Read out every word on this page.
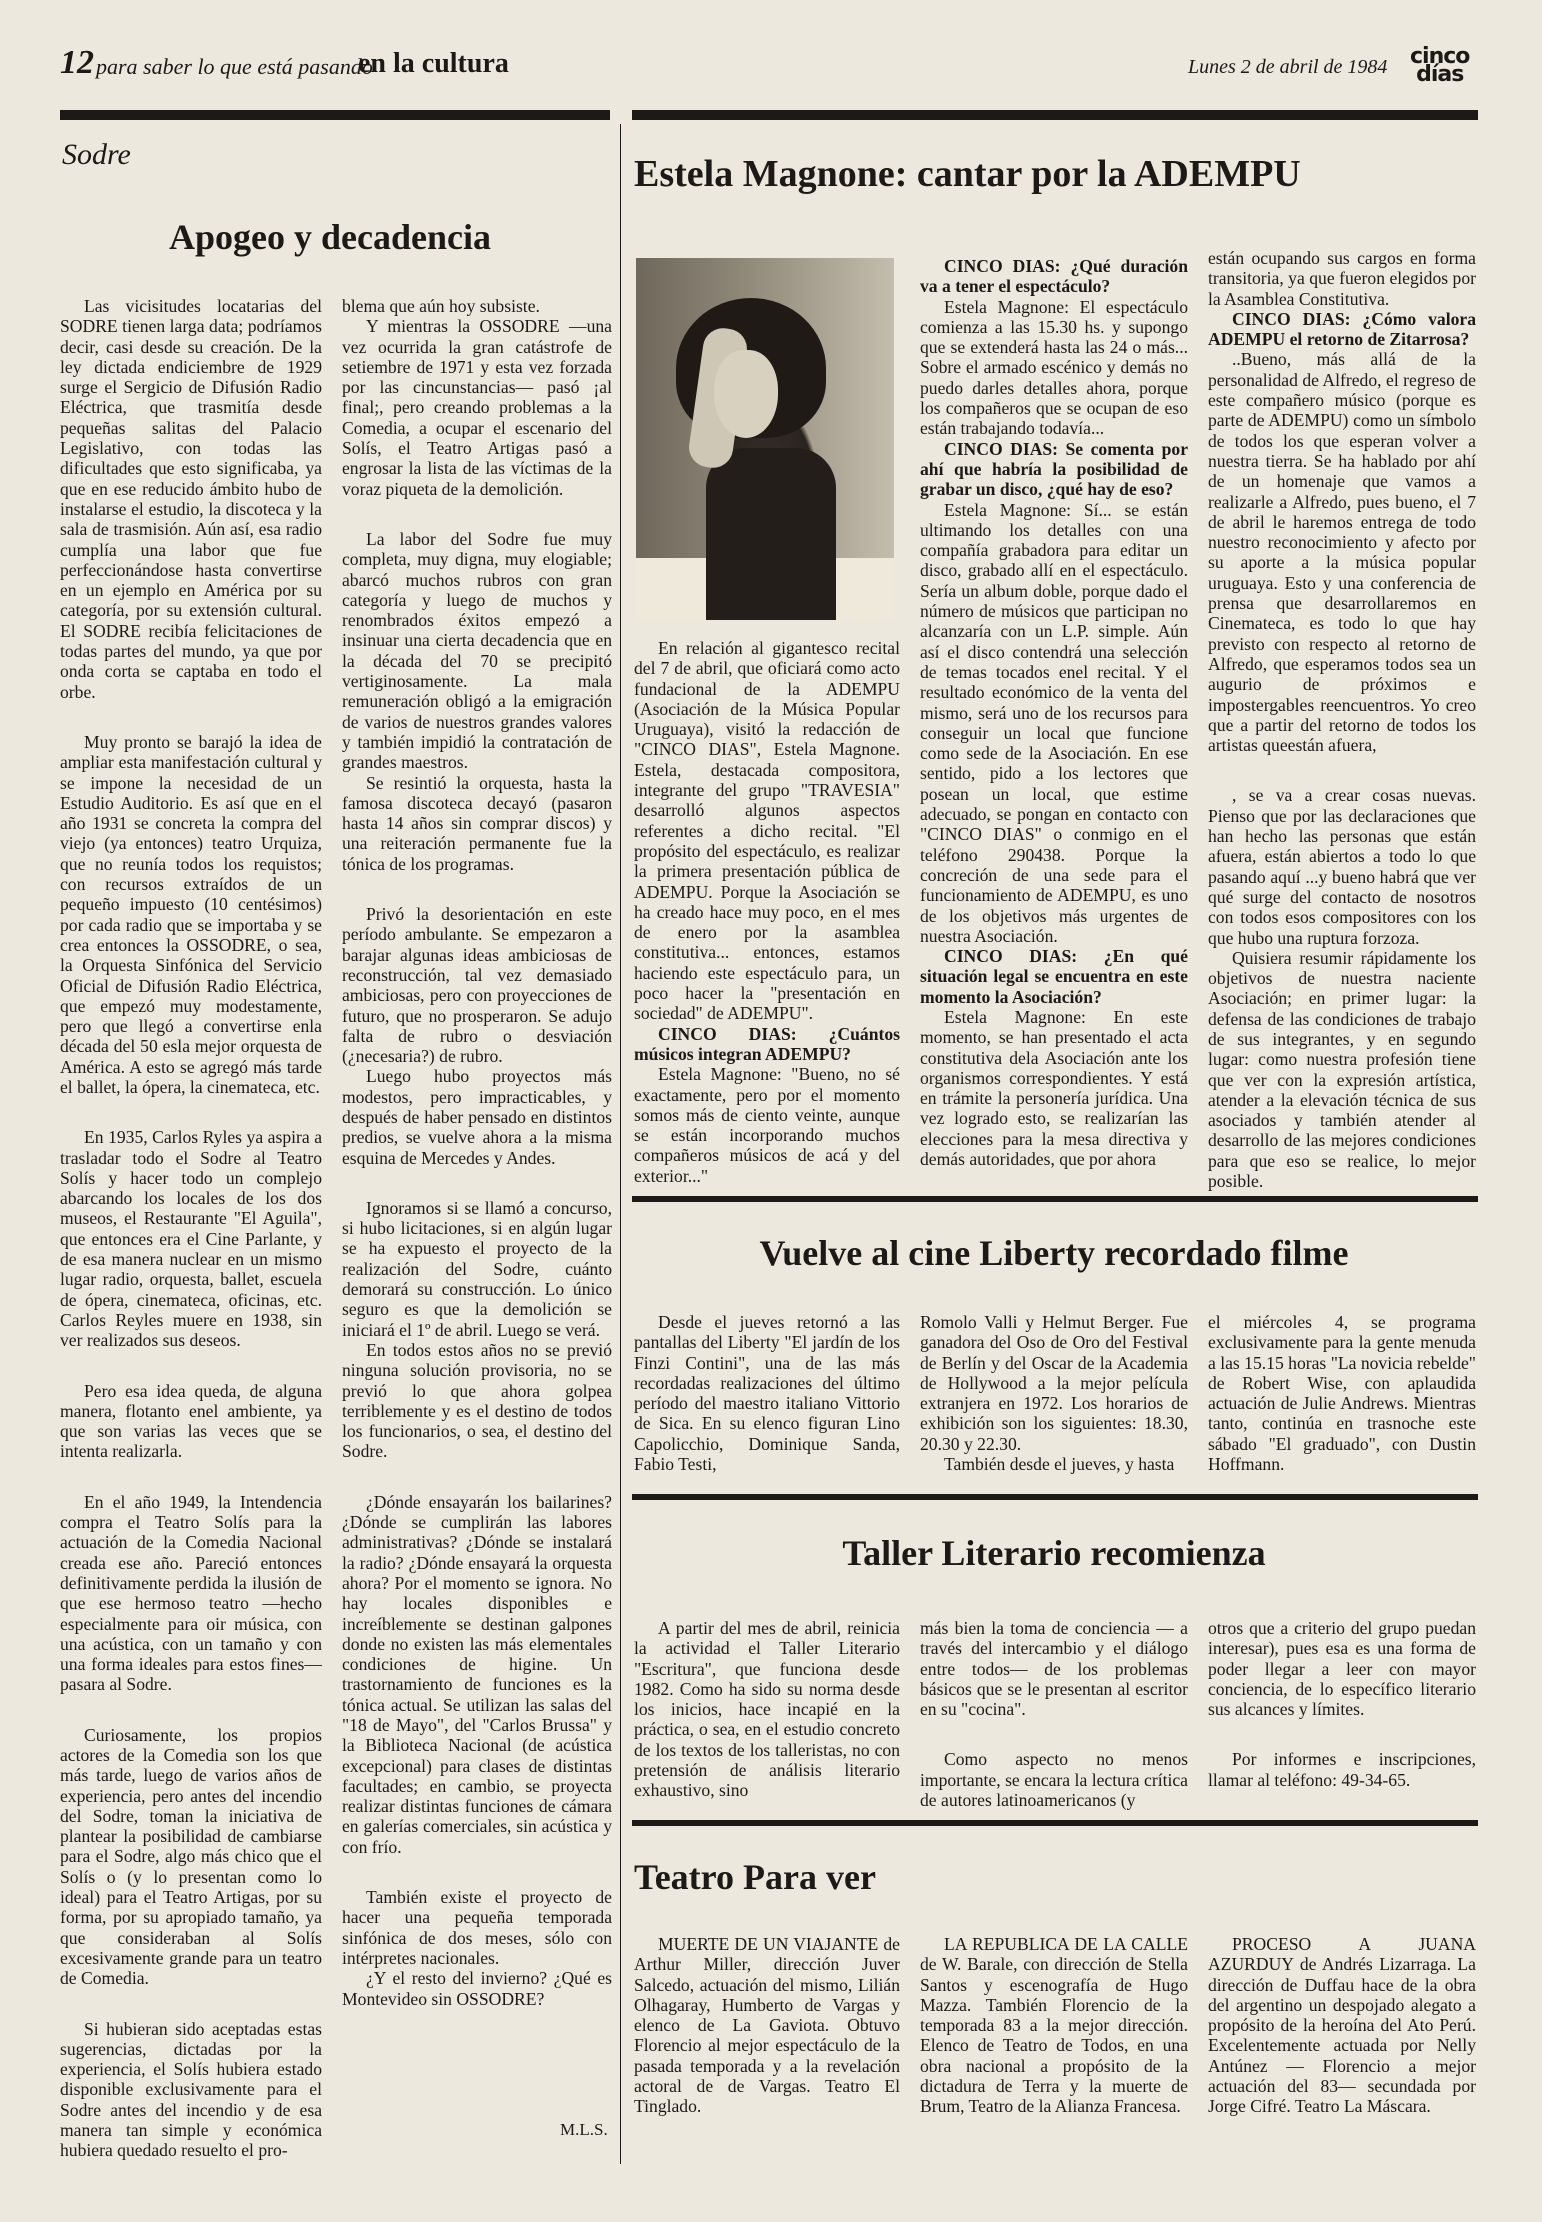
12 para saber lo que está pasando
en la cultura	Lunes 2 de abril de 1984 cinco
días
Sodre
Apogeo y decadencia

Las vicisitudes locatarias del SODRE tienen larga data; podríamos decir, casi desde su creación. De la ley dictada endiciembre de 1929 surge el Sergicio de Difusión Radio Eléctrica, que trasmitía desde pequeñas salitas del Palacio Legislativo, con todas las dificultades que esto significaba, ya que en ese reducido ámbito hubo de instalarse el estudio, la discoteca y la sala de trasmisión. Aún así, esa radio cumplía una labor que fue perfeccionándose hasta convertirse en un ejemplo en América por su categoría, por su extensión cultural. El SODRE recibía felicitaciones de todas partes del mundo, ya que por onda corta se captaba en todo el orbe.

Muy pronto se barajó la idea de ampliar esta manifestación cultural y se impone la necesidad de un Estudio Auditorio. Es así que en el año 1931 se concreta la compra del viejo (ya entonces) teatro Urquiza, que no reunía todos los requistos; con recursos extraídos de un pequeño impuesto (10 centésimos) por cada radio que se importaba y se crea entonces la OSSODRE, o sea, la Orquesta Sinfónica del Servicio Oficial de Difusión Radio Eléctrica, que empezó muy modestamente, pero que llegó a convertirse enla década del 50 esla mejor orquesta de América. A esto se agregó más tarde el ballet, la ópera, la cinemateca, etc.

En 1935, Carlos Ryles ya aspira a trasladar todo el Sodre al Teatro Solís y hacer todo un complejo abarcando los locales de los dos museos, el Restaurante "El Aguila", que entonces era el Cine Parlante, y de esa manera nuclear en un mismo lugar radio, orquesta, ballet, escuela de ópera, cinemateca, oficinas, etc. Carlos Reyles muere en 1938, sin ver realizados sus deseos.

Pero esa idea queda, de alguna manera, flotanto enel ambiente, ya que son varias las veces que se intenta realizarla.

En el año 1949, la Intendencia compra el Teatro Solís para la actuación de la Comedia Nacional creada ese año. Pareció entonces definitivamente perdida la ilusión de que ese hermoso teatro —hecho especialmente para oir música, con una acústica, con un tamaño y con una forma ideales para estos fines— pasara al Sodre.

Curiosamente, los propios actores de la Comedia son los que más tarde, luego de varios años de experiencia, pero antes del incendio del Sodre, toman la iniciativa de plantear la posibilidad de cambiarse para el Sodre, algo más chico que el Solís o (y lo presentan como lo ideal) para el Teatro Artigas, por su forma, por su apropiado tamaño, ya que consideraban al Solís excesivamente grande para un teatro de Comedia.

Si hubieran sido aceptadas estas sugerencias, dictadas por la experiencia, el Solís hubiera estado disponible exclusivamente para el Sodre antes del incendio y de esa manera tan simple y económica hubiera quedado resuelto el pro-

blema que aún hoy subsiste.

Y mientras la OSSODRE —una vez ocurrida la gran catástrofe de setiembre de 1971 y esta vez forzada por las cincunstancias— pasó ¡al final;, pero creando problemas a la Comedia, a ocupar el escenario del Solís, el Teatro Artigas pasó a engrosar la lista de las víctimas de la voraz piqueta de la demolición.

La labor del Sodre fue muy completa, muy digna, muy elogiable; abarcó muchos rubros con gran categoría y luego de muchos y renombrados éxitos empezó a insinuar una cierta decadencia que en la década del 70 se precipitó vertiginosamente. La mala remuneración obligó a la emigración de varios de nuestros grandes valores y también impidió la contratación de grandes maestros.

Se resintió la orquesta, hasta la famosa discoteca decayó (pasaron hasta 14 años sin comprar discos) y una reiteración permanente fue la tónica de los programas.

Privó la desorientación en este período ambulante. Se empezaron a barajar algunas ideas ambiciosas de reconstrucción, tal vez demasiado ambiciosas, pero con proyecciones de futuro, que no prosperaron. Se adujo falta de rubro o desviación (¿necesaria?) de rubro.

Luego hubo proyectos más modestos, pero impracticables, y después de haber pensado en distintos predios, se vuelve ahora a la misma esquina de Mercedes y Andes.

Ignoramos si se llamó a concurso, si hubo licitaciones, si en algún lugar se ha expuesto el proyecto de la realización del Sodre, cuánto demorará su construcción. Lo único seguro es que la demolición se iniciará el 1º de abril. Luego se verá.

En todos estos años no se previó ninguna solución provisoria, no se previó lo que ahora golpea terriblemente y es el destino de todos los funcionarios, o sea, el destino del Sodre.

¿Dónde ensayarán los bailarines? ¿Dónde se cumplirán las labores administrativas? ¿Dónde se instalará la radio? ¿Dónde ensayará la orquesta ahora? Por el momento se ignora. No hay locales disponibles e increíblemente se destinan galpones donde no existen las más elementales condiciones de higine. Un trastornamiento de funciones es la tónica actual. Se utilizan las salas del "18 de Mayo", del "Carlos Brussa" y la Biblioteca Nacional (de acústica excepcional) para clases de distintas facultades; en cambio, se proyecta realizar distintas funciones de cámara en galerías comerciales, sin acústica y con frío.

También existe el proyecto de hacer una pequeña temporada sinfónica de dos meses, sólo con intérpretes nacionales.

¿Y el resto del invierno? ¿Qué es Montevideo sin OSSODRE?

M.L.S.
Estela Magnone: cantar por la ADEMPU

En relación al gigantesco recital del 7 de abril, que oficiará como acto fundacional de la ADEMPU (Asociación de la Música Popular Uruguaya), visitó la redacción de "CINCO DIAS", Estela Magnone. Estela, destacada compositora, integrante del grupo "TRAVESIA" desarrolló algunos aspectos referentes a dicho recital. "El propósito del espectáculo, es realizar la primera presentación pública de ADEMPU. Porque la Asociación se ha creado hace muy poco, en el mes de enero por la asamblea constitutiva... entonces, estamos haciendo este espectáculo para, un poco hacer la "presentación en sociedad" de ADEMPU".

CINCO DIAS: ¿Cuántos músicos integran ADEMPU?

Estela Magnone: "Bueno, no sé exactamente, pero por el momento somos más de ciento veinte, aunque se están incorporando muchos compañeros músicos de acá y del exterior..."

CINCO DIAS: ¿Qué duración va a tener el espectáculo?

Estela Magnone: El espectáculo comienza a las 15.30 hs. y supongo que se extenderá hasta las 24 o más... Sobre el armado escénico y demás no puedo darles detalles ahora, porque los compañeros que se ocupan de eso están trabajando todavía...

CINCO DIAS: Se comenta por ahí que habría la posibilidad de grabar un disco, ¿qué hay de eso?

Estela Magnone: Sí... se están ultimando los detalles con una compañía grabadora para editar un disco, grabado allí en el espectáculo. Sería un album doble, porque dado el número de músicos que participan no alcanzaría con un L.P. simple. Aún así el disco contendrá una selección de temas tocados enel recital. Y el resultado económico de la venta del mismo, será uno de los recursos para conseguir un local que funcione como sede de la Asociación. En ese sentido, pido a los lectores que posean un local, que estime adecuado, se pongan en contacto con "CINCO DIAS" o conmigo en el teléfono 290438. Porque la concreción de una sede para el funcionamiento de ADEMPU, es uno de los objetivos más urgentes de nuestra Asociación.

CINCO DIAS: ¿En qué situación legal se encuentra en este momento la Asociación?

Estela Magnone: En este momento, se han presentado el acta constitutiva dela Asociación ante los organismos correspondientes. Y está en trámite la personería jurídica. Una vez logrado esto, se realizarían las elecciones para la mesa directiva y demás autoridades, que por ahora

están ocupando sus cargos en forma transitoria, ya que fueron elegidos por la Asamblea Constitutiva.

CINCO DIAS: ¿Cómo valora ADEMPU el retorno de Zitarrosa?

..Bueno, más allá de la personalidad de Alfredo, el regreso de este compañero músico (porque es parte de ADEMPU) como un símbolo de todos los que esperan volver a nuestra tierra. Se ha hablado por ahí de un homenaje que vamos a realizarle a Alfredo, pues bueno, el 7 de abril le haremos entrega de todo nuestro reconocimiento y afecto por su aporte a la música popular uruguaya. Esto y una conferencia de prensa que desarrollaremos en Cinemateca, es todo lo que hay previsto con respecto al retorno de Alfredo, que esperamos todos sea un augurio de próximos e impostergables reencuentros. Yo creo que a partir del retorno de todos los artistas queestán afuera,

, se va a crear cosas nuevas. Pienso que por las declaraciones que han hecho las personas que están afuera, están abiertos a todo lo que pasando aquí ...y bueno habrá que ver qué surge del contacto de nosotros con todos esos compositores con los que hubo una ruptura forzoza.

Quisiera resumir rápidamente los objetivos de nuestra naciente Asociación; en primer lugar: la defensa de las condiciones de trabajo de sus integrantes, y en segundo lugar: como nuestra profesión tiene que ver con la expresión artística, atender a la elevación técnica de sus asociados y también atender al desarrollo de las mejores condiciones para que eso se realice, lo mejor posible.

Vuelve al cine Liberty recordado filme

Desde el jueves retornó a las pantallas del Liberty "El jardín de los Finzi Contini", una de las más recordadas realizaciones del último período del maestro italiano Vittorio de Sica. En su elenco figuran Lino Capolicchio, Dominique Sanda, Fabio Testi,

Romolo Valli y Helmut Berger. Fue ganadora del Oso de Oro del Festival de Berlín y del Oscar de la Academia de Hollywood a la mejor película extranjera en 1972. Los horarios de exhibición son los siguientes: 18.30, 20.30 y 22.30.

También desde el jueves, y hasta

el miércoles 4, se programa exclusivamente para la gente menuda a las 15.15 horas "La novicia rebelde" de Robert Wise, con aplaudida actuación de Julie Andrews. Mientras tanto, continúa en trasnoche este sábado "El graduado", con Dustin Hoffmann.

Taller Literario recomienza

A partir del mes de abril, reinicia la actividad el Taller Literario "Escritura", que funciona desde 1982. Como ha sido su norma desde los inicios, hace incapié en la práctica, o sea, en el estudio concreto de los textos de los talleristas, no con pretensión de análisis literario exhaustivo, sino

más bien la toma de conciencia — a través del intercambio y el diálogo entre todos— de los problemas básicos que se le presentan al escritor en su "cocina".

Como aspecto no menos importante, se encara la lectura crítica de autores latinoamericanos (y

otros que a criterio del grupo puedan interesar), pues esa es una forma de poder llegar a leer con mayor conciencia, de lo específico literario sus alcances y límites.

Por informes e inscripciones, llamar al teléfono: 49-34-65.

Teatro Para ver

MUERTE DE UN VIAJANTE de Arthur Miller, dirección Juver Salcedo, actuación del mismo, Lilián Olhagaray, Humberto de Vargas y elenco de La Gaviota. Obtuvo Florencio al mejor espectáculo de la pasada temporada y a la revelación actoral de de Vargas. Teatro El Tinglado.

LA REPUBLICA DE LA CALLE de W. Barale, con dirección de Stella Santos y escenografía de Hugo Mazza. También Florencio de la temporada 83 a la mejor dirección. Elenco de Teatro de Todos, en una obra nacional a propósito de la dictadura de Terra y la muerte de Brum, Teatro de la Alianza Francesa.

PROCESO A JUANA AZURDUY de Andrés Lizarraga. La dirección de Duffau hace de la obra del argentino un despojado alegato a propósito de la heroína del Ato Perú. Excelentemente actuada por Nelly Antúnez — Florencio a mejor actuación del 83— secundada por Jorge Cifré. Teatro La Máscara.
